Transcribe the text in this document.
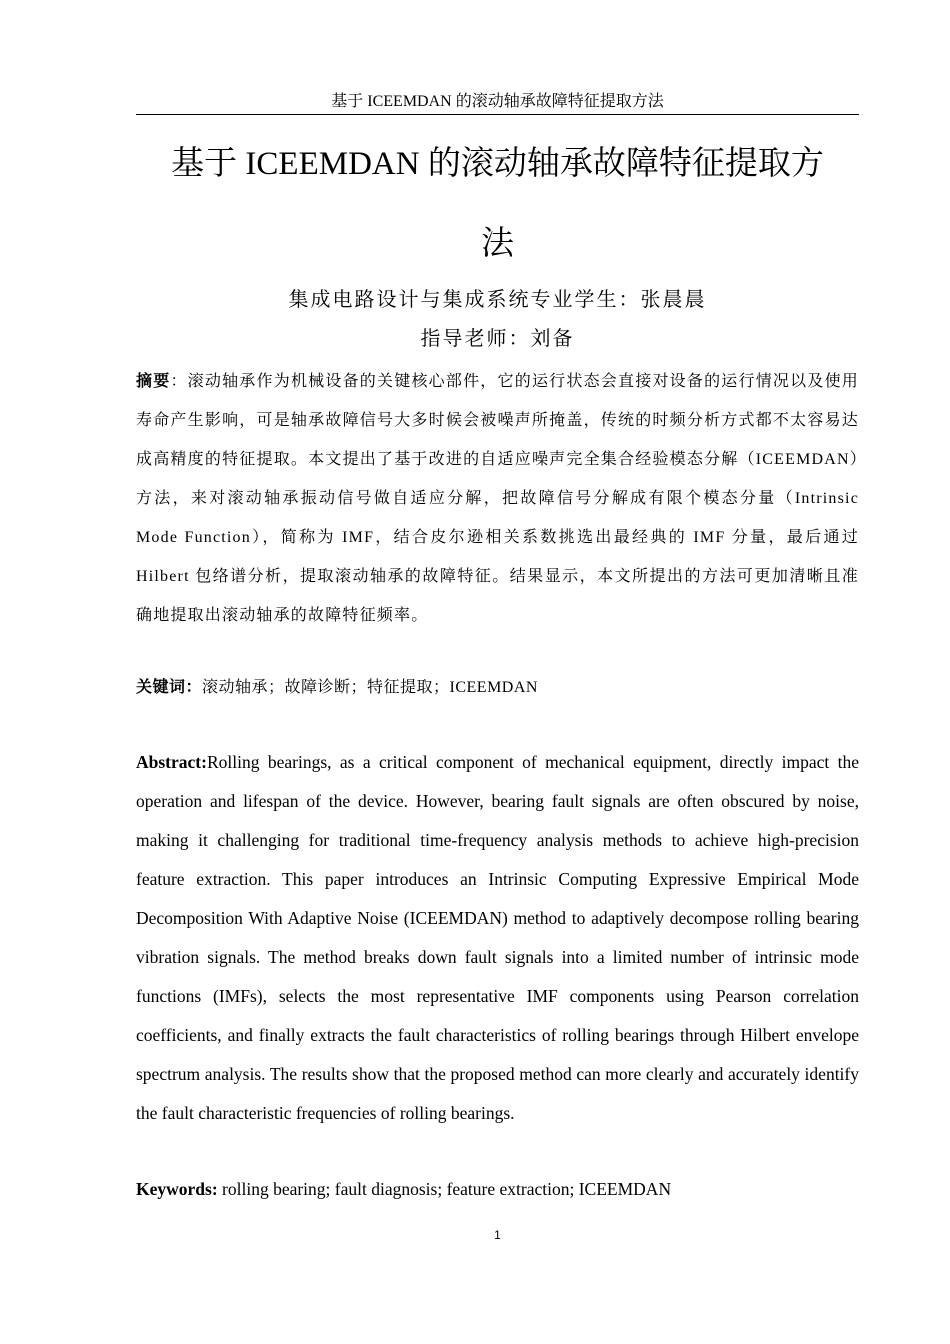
基于 ICEEMDAN 的滚动轴承故障特征提取方法
基于 ICEEMDAN 的滚动轴承故障特征提取方
法
集成电路设计与集成系统专业学生：张晨晨
指导老师：刘备
摘要：滚动轴承作为机械设备的关键核心部件，它的运行状态会直接对设备的运行情况以及使用寿命产生影响，可是轴承故障信号大多时候会被噪声所掩盖，传统的时频分析方式都不太容易达成高精度的特征提取。本文提出了基于改进的自适应噪声完全集合经验模态分解（ICEEMDAN）方法，来对滚动轴承振动信号做自适应分解，把故障信号分解成有限个模态分量（Intrinsic Mode Function），简称为 IMF，结合皮尔逊相关系数挑选出最经典的 IMF 分量，最后通过 Hilbert 包络谱分析，提取滚动轴承的故障特征。结果显示，本文所提出的方法可更加清晰且准确地提取出滚动轴承的故障特征频率。
关键词：滚动轴承；故障诊断；特征提取；ICEEMDAN
Abstract:Rolling bearings, as a critical component of mechanical equipment, directly impact the operation and lifespan of the device. However, bearing fault signals are often obscured by noise, making it challenging for traditional time-frequency analysis methods to achieve high-precision feature extraction. This paper introduces an Intrinsic Computing Expressive Empirical Mode Decomposition With Adaptive Noise (ICEEMDAN) method to adaptively decompose rolling bearing vibration signals. The method breaks down fault signals into a limited number of intrinsic mode functions (IMFs), selects the most representative IMF components using Pearson correlation coefficients, and finally extracts the fault characteristics of rolling bearings through Hilbert envelope spectrum analysis. The results show that the proposed method can more clearly and accurately identify the fault characteristic frequencies of rolling bearings.
Keywords: rolling bearing; fault diagnosis; feature extraction; ICEEMDAN
1
